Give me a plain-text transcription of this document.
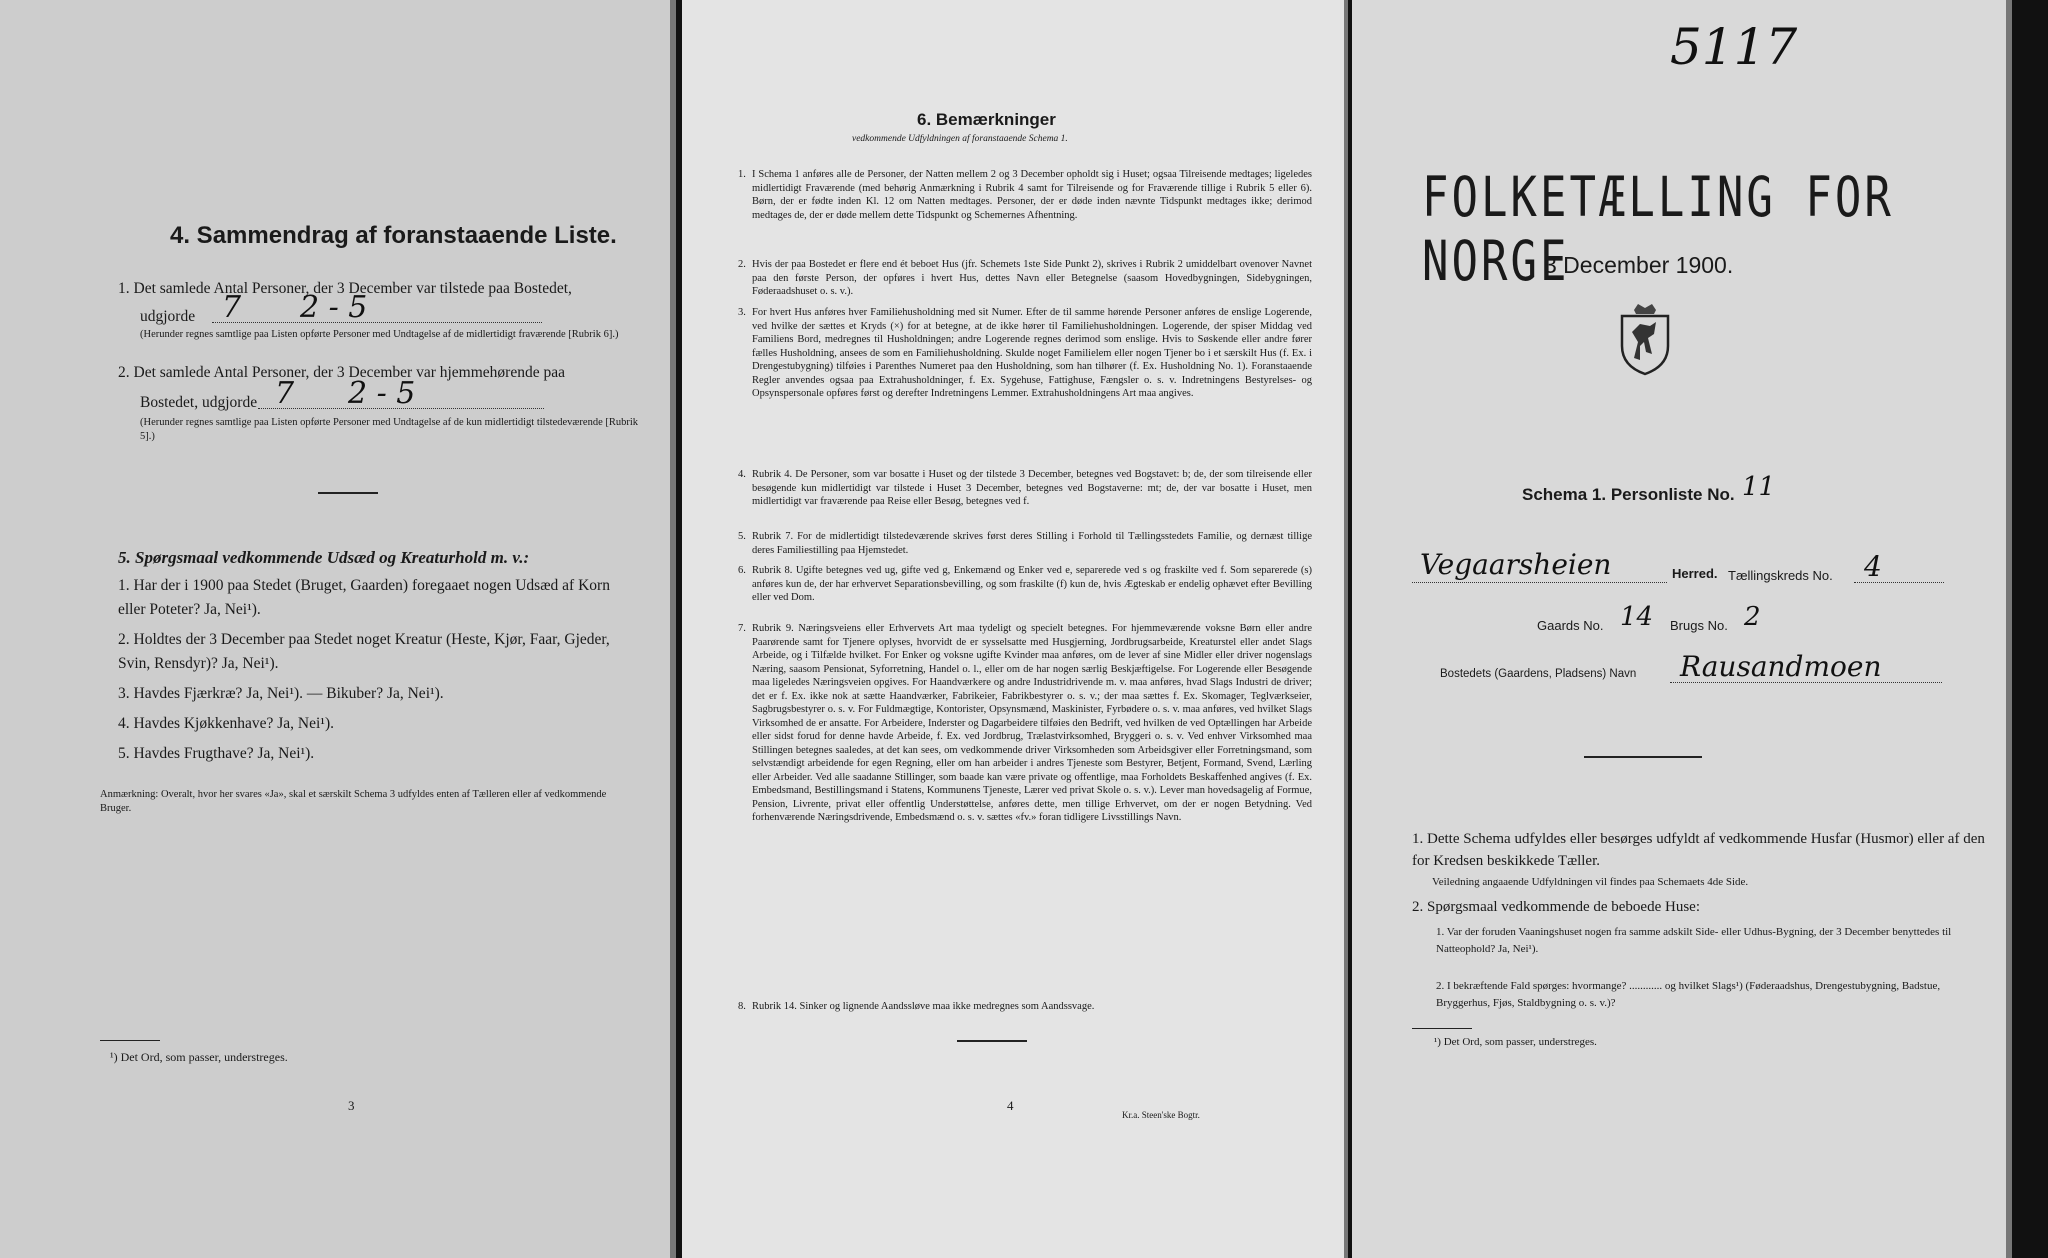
4. Sammendrag af foranstaaende Liste.
1. Det samlede Antal Personer, der 3 December var tilstede paa Bostedet,
udgjorde 7 2 - 5
(Herunder regnes samtlige paa Listen opførte Personer med Undtagelse af de midlertidigt fraværende [Rubrik 6].)
2. Det samlede Antal Personer, der 3 December var hjemmehørende paa
Bostedet, udgjorde 7 2 - 5
(Herunder regnes samtlige paa Listen opførte Personer med Undtagelse af de kun midlertidigt tilstedeværende [Rubrik 5].)
5. Spørgsmaal vedkommende Udsæd og Kreaturhold m. v.:
1. Har der i 1900 paa Stedet (Bruget, Gaarden) foregaaet nogen Udsæd af Korn eller Poteter? Ja, Nei¹).
2. Holdtes der 3 December paa Stedet noget Kreatur (Heste, Kjør, Faar, Gjeder, Svin, Rensdyr)? Ja, Nei¹).
3. Havdes Fjærkræ? Ja, Nei¹). — Bikuber? Ja, Nei¹).
4. Havdes Kjøkkenhave? Ja, Nei¹).
5. Havdes Frugthave? Ja, Nei¹).
Anmærkning: Overalt, hvor her svares «Ja», skal et særskilt Schema 3 udfyldes enten af Tælleren eller af vedkommende Bruger.
¹) Det Ord, som passer, understreges.
3
6. Bemærkninger
vedkommende Udfyldningen af foranstaaende Schema 1.
1. I Schema 1 anføres alle de Personer, der Natten mellem 2 og 3 December opholdt sig i Huset; ogsaa Tilreisende medtages; ligeledes midlertidigt Fraværende (med behørig Anmærkning i Rubrik 4 samt for Tilreisende og for Fraværende tillige i Rubrik 5 eller 6). Børn, der er fødte inden Kl. 12 om Natten medtages. Personer, der er døde inden nævnte Tidspunkt medtages ikke; derimod medtages de, der er døde mellem dette Tidspunkt og Schemernes Afhentning.
2. Hvis der paa Bostedet er flere end ét beboet Hus (jfr. Schemets 1ste Side Punkt 2), skrives i Rubrik 2 umiddelbart ovenover Navnet paa den første Person, der opføres i hvert Hus, dettes Navn eller Betegnelse (saasom Hovedbygningen, Sidebygningen, Føderaadshuset o. s. v.).
3. For hvert Hus anføres hver Familiehusholdning med sit Numer. Efter de til samme hørende Personer anføres de enslige Logerende, ved hvilke der sættes et Kryds (×) for at betegne, at de ikke hører til Familiehusholdningen. Logerende, der spiser Middag ved Familiens Bord, medregnes til Husholdningen; andre Logerende regnes derimod som enslige. Hvis to Søskende eller andre fører fælles Husholdning, ansees de som en Familiehusholdning. Skulde noget Familielem eller nogen Tjener bo i et særskilt Hus (f. Ex. i Drengestubygning) tilføies i Parenthes Numeret paa den Husholdning, som han tilhører (f. Ex. Husholdning No. 1). Foranstaaende Regler anvendes ogsaa paa Extrahusholdninger, f. Ex. Sygehuse, Fattighuse, Fængsler o. s. v. Indretningens Bestyrelses- og Opsynspersonale opføres først og derefter Indretningens Lemmer. Extrahusholdningens Art maa angives.
4. Rubrik 4. De Personer, som var bosatte i Huset og der tilstede 3 December, betegnes ved Bogstavet: b; de, der som tilreisende eller besøgende kun midlertidigt var tilstede i Huset 3 December, betegnes ved Bogstaverne: mt; de, der var bosatte i Huset, men midlertidigt var fraværende paa Reise eller Besøg, betegnes ved f.
5. Rubrik 7. For de midlertidigt tilstedeværende skrives først deres Stilling i Forhold til Tællingsstedets Familie, og dernæst tillige deres Familiestilling paa Hjemstedet.
6. Rubrik 8. Ugifte betegnes ved ug, gifte ved g, Enkemænd og Enker ved e, separerede ved s og fraskilte ved f. Som separerede (s) anføres kun de, der har erhvervet Separationsbevilling, og som fraskilte (f) kun de, hvis Ægteskab er endelig ophævet efter Bevilling eller ved Dom.
7. Rubrik 9. Næringsveiens eller Erhvervets Art maa tydeligt og specielt betegnes. For hjemmeværende voksne Børn eller andre Paarørende samt for Tjenere oplyses, hvorvidt de er sysselsatte med Husgjerning, Jordbrugsarbeide, Kreaturstel eller andet Slags Arbeide, og i Tilfælde hvilket. For Enker og voksne ugifte Kvinder maa anføres, om de lever af sine Midler eller driver nogenslags Næring, saasom Pensionat, Syforretning, Handel o. l., eller om de har nogen særlig Beskjæftigelse. For Logerende eller Besøgende maa ligeledes Næringsveien opgives. For Haandværkere og andre Industridrivende m. v. maa anføres, hvad Slags Industri de driver; det er f. Ex. ikke nok at sætte Haandværker, Fabrikeier, Fabrikbestyrer o. s. v.; der maa sættes f. Ex. Skomager, Teglværkseier, Sagbrugsbestyrer o. s. v. For Fuldmægtige, Kontorister, Opsynsmænd, Maskinister, Fyrbødere o. s. v. maa anføres, ved hvilket Slags Virksomhed de er ansatte. For Arbeidere, Inderster og Dagarbeidere tilføies den Bedrift, ved hvilken de ved Optællingen har Arbeide eller sidst forud for denne havde Arbeide, f. Ex. ved Jordbrug, Trælastvirksomhed, Bryggeri o. s. v. Ved enhver Virksomhed maa Stillingen betegnes saaledes, at det kan sees, om vedkommende driver Virksomheden som Arbeidsgiver eller Forretningsmand, som selvstændigt arbeidende for egen Regning, eller om han arbeider i andres Tjeneste som Bestyrer, Betjent, Formand, Svend, Lærling eller Arbeider. Ved alle saadanne Stillinger, som baade kan være private og offentlige, maa Forholdets Beskaffenhed angives (f. Ex. Embedsmand, Bestillingsmand i Statens, Kommunens Tjeneste, Lærer ved privat Skole o. s. v.). Lever man hovedsagelig af Formue, Pension, Livrente, privat eller offentlig Understøttelse, anføres dette, men tillige Erhvervet, om der er nogen Betydning. Ved forhenværende Næringsdrivende, Embedsmænd o. s. v. sættes «fv.» foran tidligere Livsstillings Navn.
8. Rubrik 14. Sinker og lignende Aandssløve maa ikke medregnes som Aandssvage.
4
Kr.a. Steen'ske Bogtr.
5117
FOLKETÆLLING FOR NORGE
3 December 1900.
Schema 1. Personliste No. 11
Vegaarsheien	Herred. Tællingskreds No. 4
Gaards No. 14 Brugs No. 2
Bostedets (Gaardens, Pladsens) Navn Rausandmoen
1. Dette Schema udfyldes eller besørges udfyldt af vedkommende Husfar (Husmor) eller af den for Kredsen beskikkede Tæller.
Veiledning angaaende Udfyldningen vil findes paa Schemaets 4de Side.
2. Spørgsmaal vedkommende de beboede Huse:
1. Var der foruden Vaaningshuset nogen fra samme adskilt Side- eller Udhus-Bygning, der 3 December benyttedes til Natteophold? Ja, Nei¹).
2. I bekræftende Fald spørges: hvormange? ............ og hvilket Slags¹) (Føderaadshus, Drengestubygning, Badstue, Bryggerhus, Fjøs, Staldbygning o. s. v.)?
¹) Det Ord, som passer, understreges.
